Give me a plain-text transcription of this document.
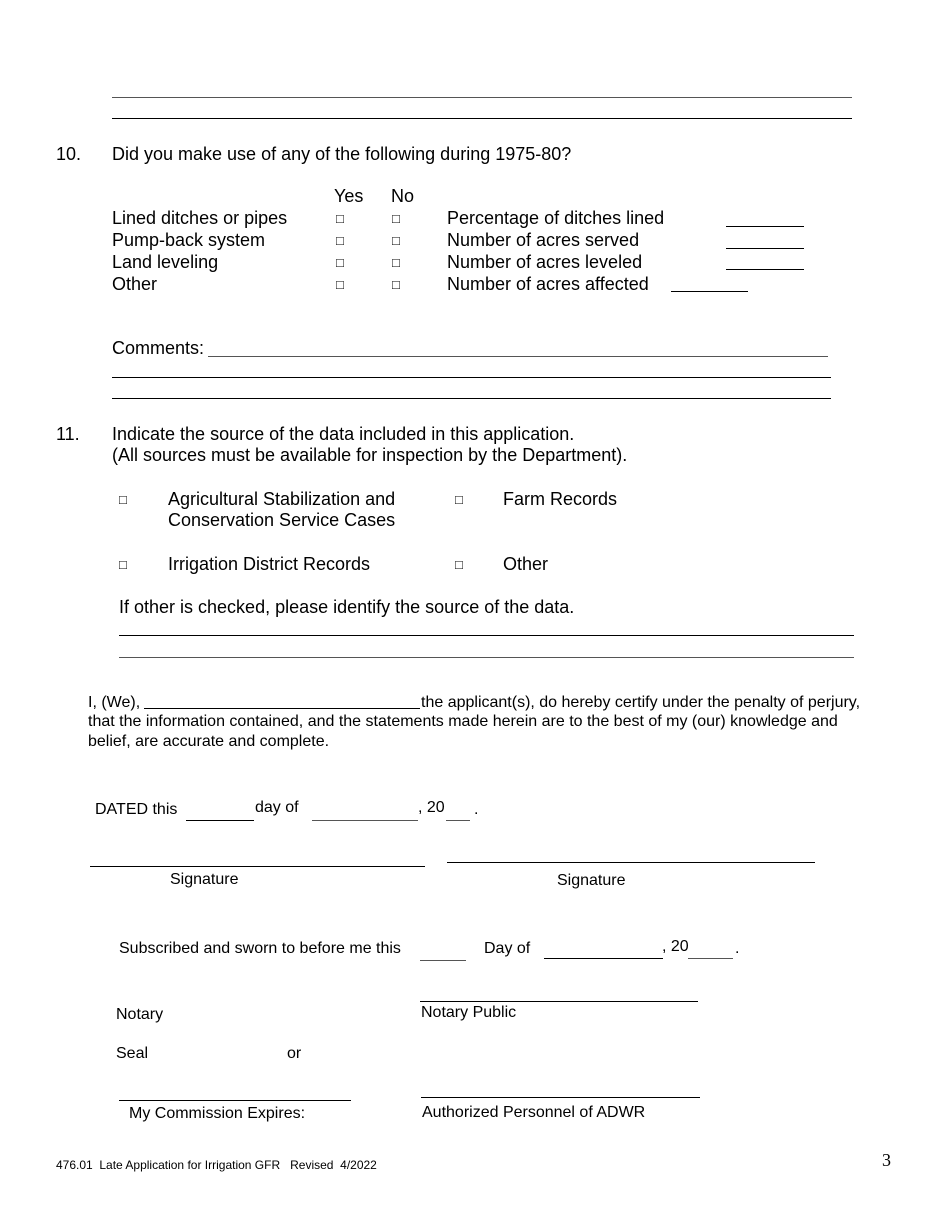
10. Did you make use of any of the following during 1975-80?
Yes No
Lined ditches or pipes	□	□	Percentage of ditches lined
Pump-back system	□	□	Number of acres served
Land leveling	□	□	Number of acres leveled
Other	□	□	Number of acres affected
Comments:
11. Indicate the source of the data included in this application.
(All sources must be available for inspection by the Department).
□ Agricultural Stabilization and
Conservation Service Cases
□ Farm Records
□ Irrigation District Records	□ Other
If other is checked, please identify the source of the data.
I, (We),	the applicant(s), do hereby certify under the penalty of perjury,
that the information contained, and the statements made herein are to the best of my (our) knowledge and
belief, are accurate and complete.
DATED this	day of	, 20 .
Signature	Signature
Subscribed and sworn to before me this	Day of	, 20	.
Notary	Notary Public
Seal	or
My Commission Expires:	Authorized Personnel of ADWR
476.01  Late Application for Irrigation GFR   Revised  4/2022	3
